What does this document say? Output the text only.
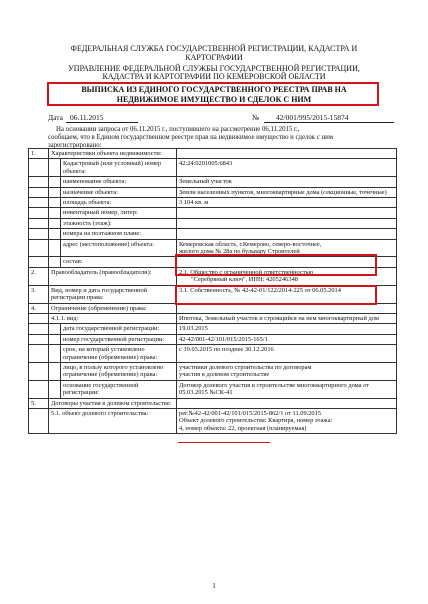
ФЕДЕРАЛЬНАЯ СЛУЖБА ГОСУДАРСТВЕННОЙ РЕГИСТРАЦИИ, КАДАСТРА И
КАРТОГРАФИИ
УПРАВЛЕНИЕ ФЕДЕРАЛЬНОЙ СЛУЖБЫ ГОСУДАРСТВЕННОЙ РЕГИСТРАЦИИ,
КАДАСТРА И КАРТОГРАФИИ ПО КЕМЕРОВСКОЙ ОБЛАСТИ
ВЫПИСКА ИЗ ЕДИНОГО ГОСУДАРСТВЕННОГО РЕЕСТРА ПРАВ НА
НЕДВИЖИМОЕ ИМУЩЕСТВО И СДЕЛОК С НИМ
Дата 06.11.2015	№ 42/001/995/2015-15874
На основании запроса от 06.11.2015 г., поступившего на рассмотрение 06.11.2015 г.,
сообщаем, что в Едином государственном реестре прав на недвижимое имущество и сделок с ним
зарегистрировано:
1.	Характеристики объекта недвижимости:		
		Кадастровый (или условный) номер объекта:	42:24:0201005:6843
		наименование объекта:	Земельный участок
		назначение объекта:	Земли населенных пунктов, многоквартирные дома (секционные, точечные)
		площадь объекта:	3 104 кв. м
		инвентарный номер, литер:	
		этажность (этаж):	
		номера на поэтажном плане:	
		адрес (местоположение) объекта:	Кемеровская область, г.Кемерово, северо-восточнее,
жилого дома № 28а по бульвару Строителей

		состав:	
2.	Правообладатель (правообладатели):		2.1. Общество с ограниченной ответственностью
"Серебряный ключ", ИНН: 4205246348
3.	Вид, номер и дата государственной регистрации права:		3.1. Собственность, № 42-42-01/122/2014-225 от 06.05.2014
4.	Ограничение (обременение) права:		
	4.1.1. вид:		Ипотека, Земельный участок и строящийся на нем многоквартирный дом
		дата государственной регистрации:	19.03.2015
		номер государственной регистрации:	42-42/001-42/101/015/2015-165/1
		срок, на который установлено ограничение (обременение) права:	с 19.03.2015 по позднее 30.12.2016
		лицо, в пользу которого установлено ограничение (обременение) права:	участники долевого строительства по договорам
участия в долевом строительстве

		основание государственной регистрации:	Договор долевого участия в строительстве многоквартирного дома от 05.03.2015 №СК-41
5.	Договоры участия в долевом строительстве:		
	5.1. объект долевого строительства:		рег.№42-42/001-42/101/015/2015-862/1 от 11.09.2015
Объект долевого строительства: Квартира, номер этажа:
4, номер объекта: 22, проектная (планируемая)
1
